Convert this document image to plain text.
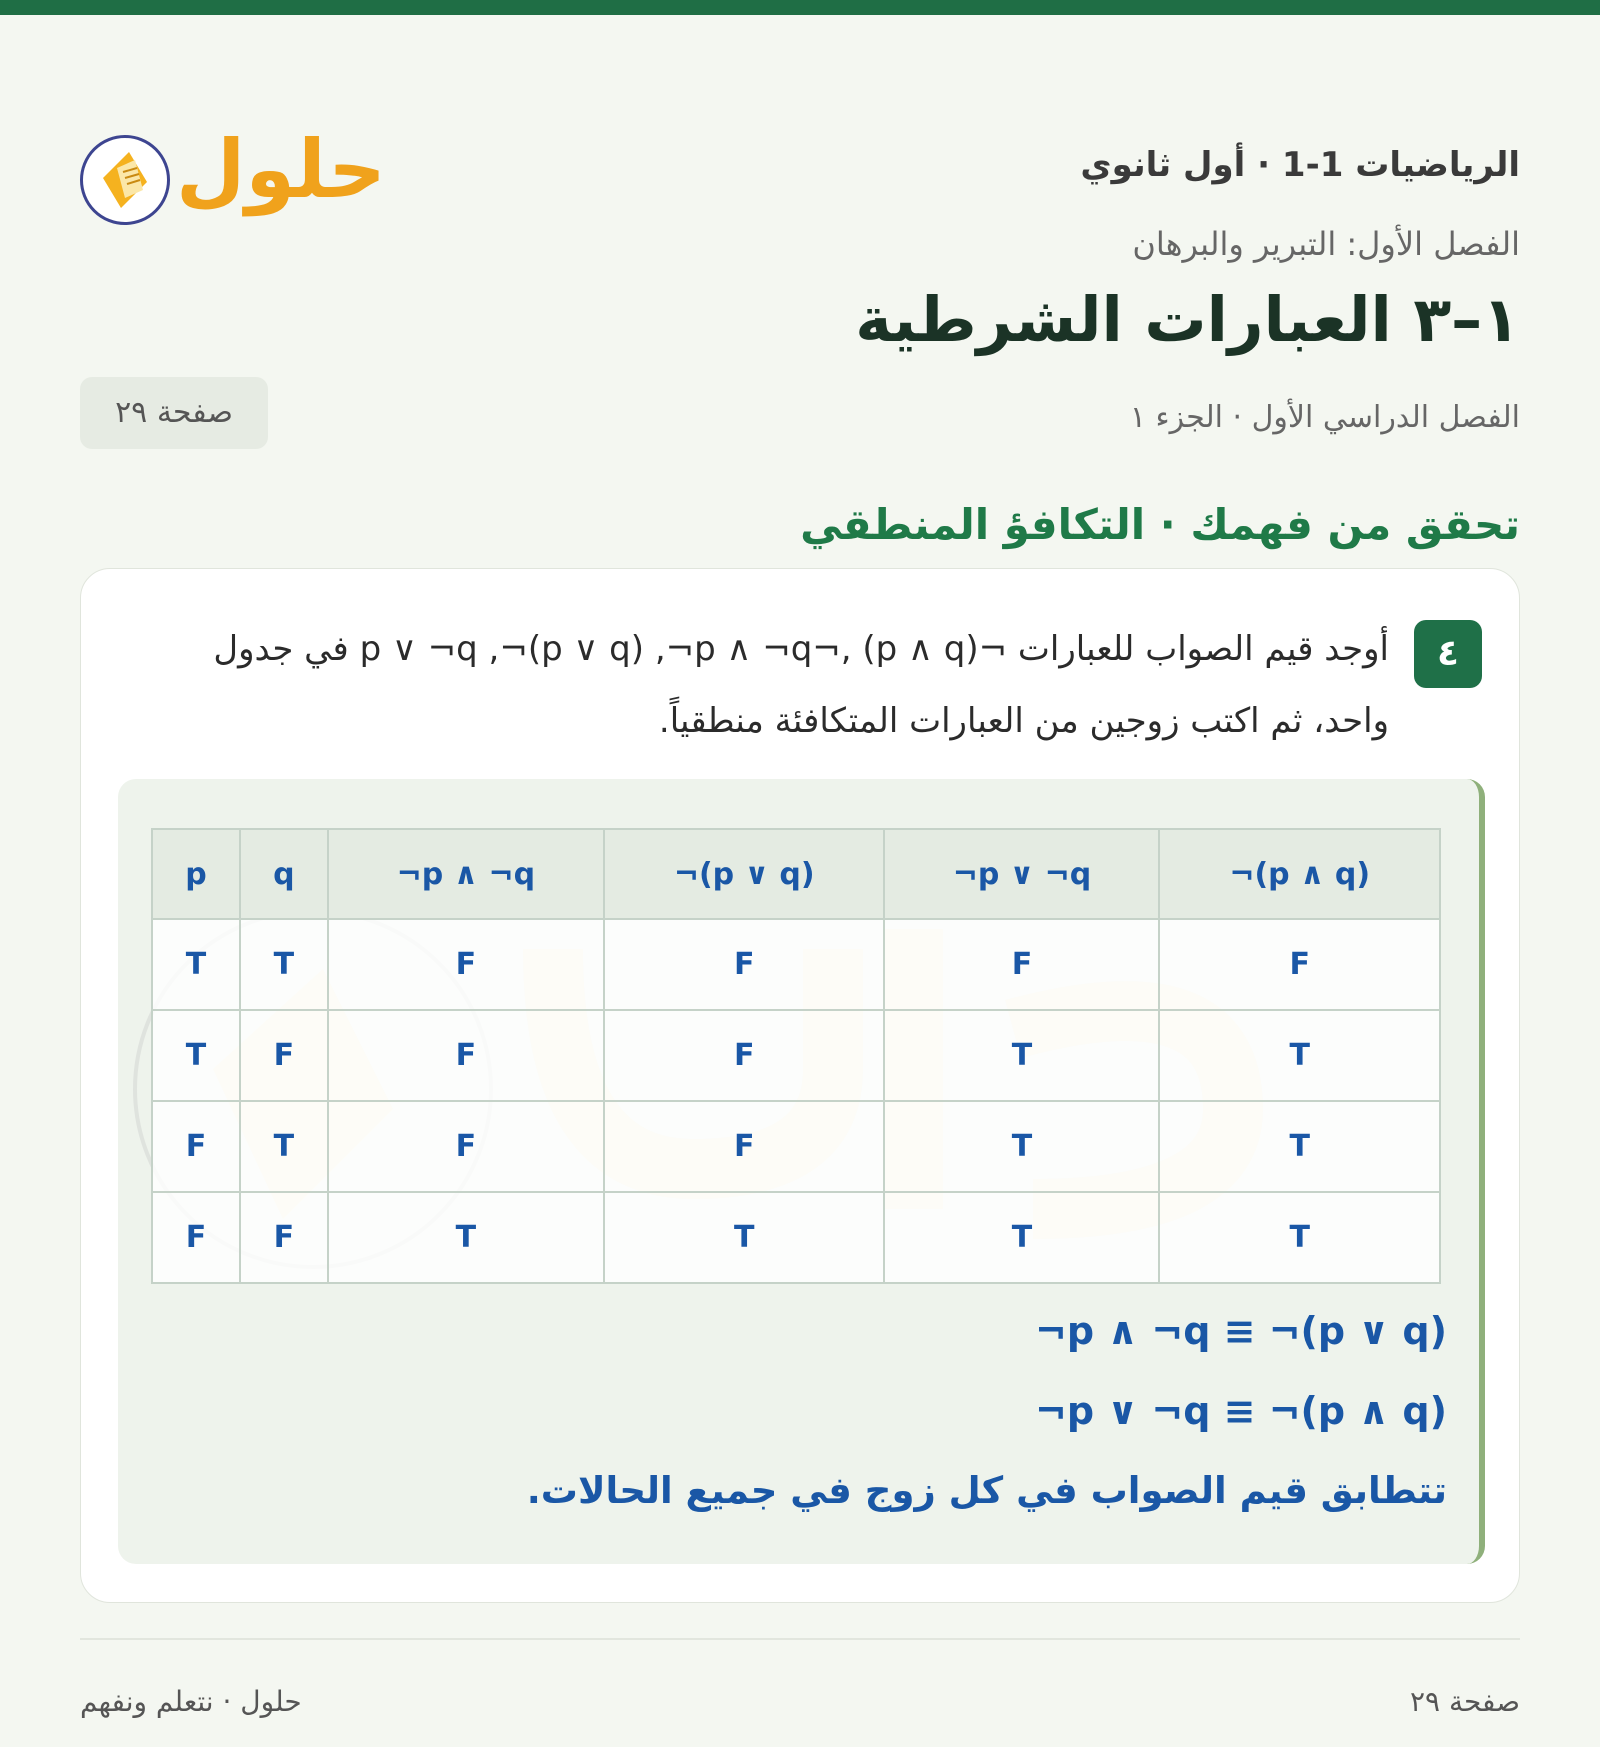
الرياضيات 1-1 · أول ثانوي
حلول
الفصل الأول: التبرير والبرهان
١–٣ العبارات الشرطية
الفصل الدراسي الأول · الجزء ١
صفحة ٢٩
تحقق من فهمك · التكافؤ المنطقي
٤
أوجد قيم الصواب للعبارات ¬(p ∧ q) ,¬p ∨ ¬q ,¬(p ∨ q) ,¬p ∧ ¬q في جدول واحد، ثم اكتب زوجين من العبارات المتكافئة منطقياً.
p	q	¬p ∧ ¬q	¬(p ∨ q)	¬p ∨ ¬q	¬(p ∧ q)
T	T	F	F	F	F
T	F	F	F	T	T
F	T	F	F	T	T
F	F	T	T	T	T
¬p ∧ ¬q ≡ ¬(p ∨ q)
¬p ∨ ¬q ≡ ¬(p ∧ q)
تتطابق قيم الصواب في كل زوج في جميع الحالات.
حلول · نتعلم ونفهم	صفحة ٢٩
